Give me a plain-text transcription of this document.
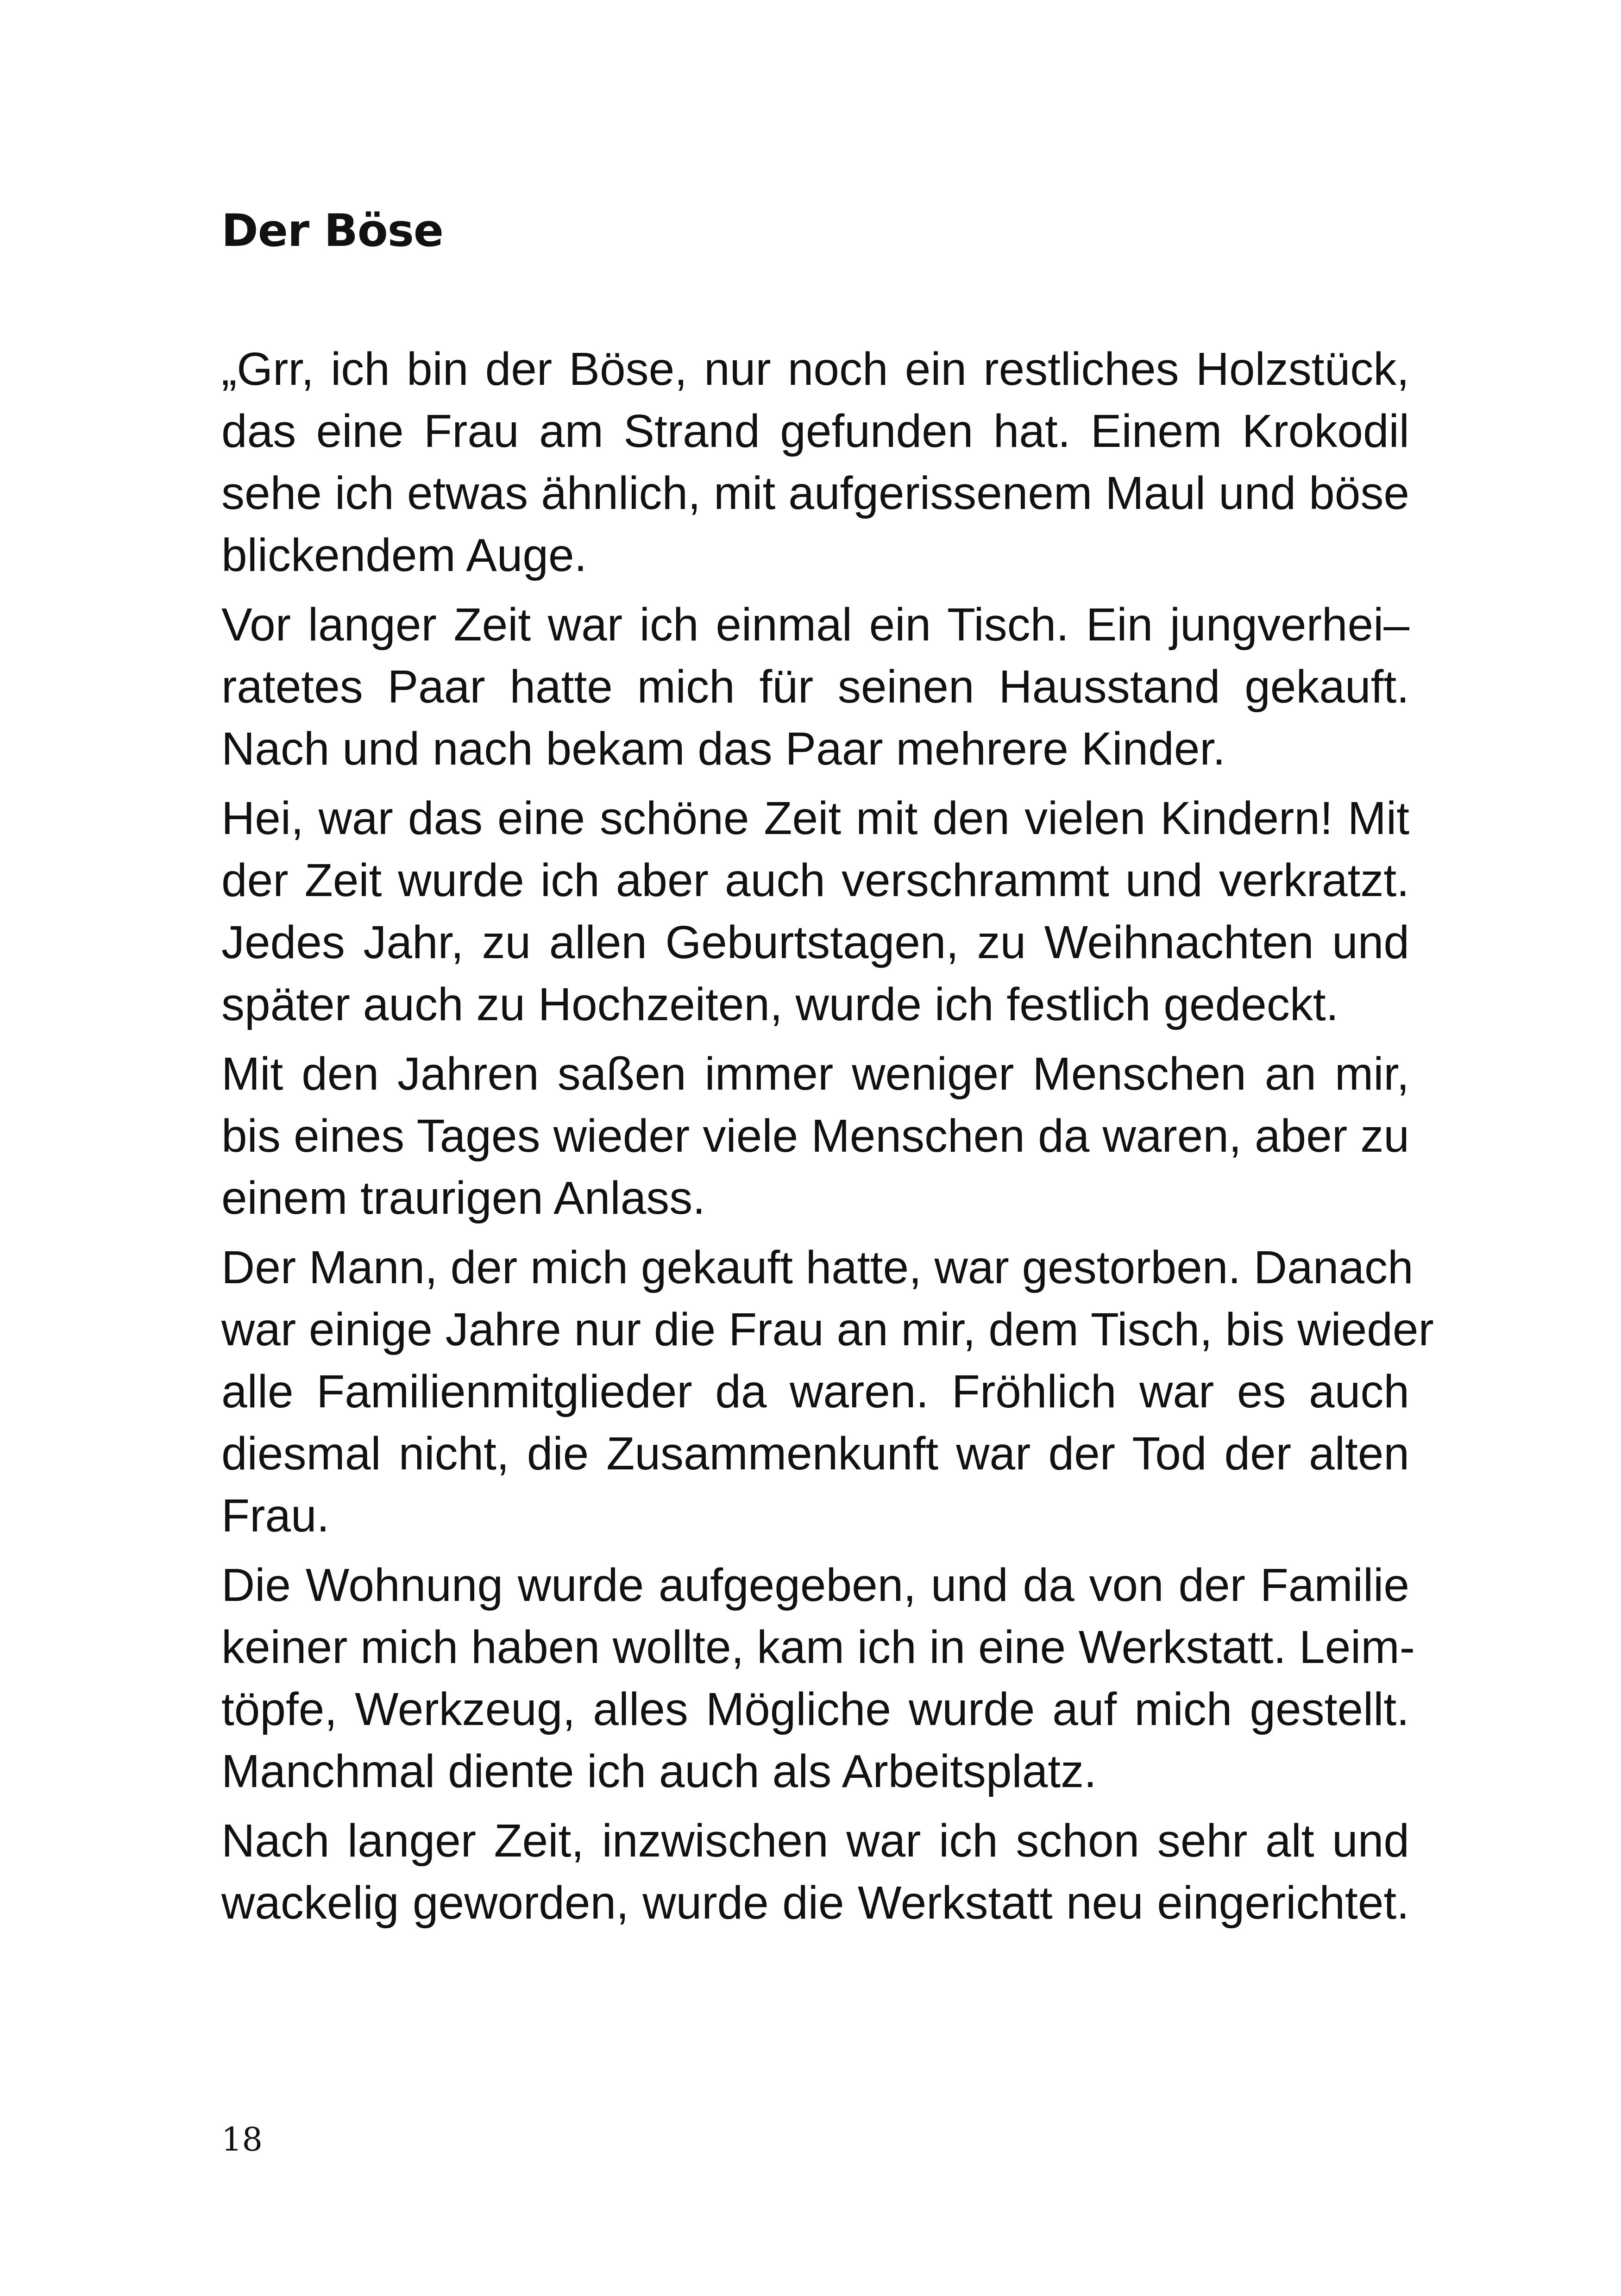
Der Böse

„Grr, ich bin der Böse, nur noch ein restliches Holzstück,
das eine Frau am Strand gefunden hat. Einem Krokodil
sehe ich etwas ähnlich, mit aufgerissenem Maul und böse
blickendem Auge.

Vor langer Zeit war ich einmal ein Tisch. Ein jungverhei–
ratetes Paar hatte mich für seinen Hausstand gekauft.
Nach und nach bekam das Paar mehrere Kinder.

Hei, war das eine schöne Zeit mit den vielen Kindern! Mit
der Zeit wurde ich aber auch verschrammt und verkratzt.
Jedes Jahr, zu allen Geburtstagen, zu Weihnachten und
später auch zu Hochzeiten, wurde ich festlich gedeckt.

Mit den Jahren saßen immer weniger Menschen an mir,
bis eines Tages wieder viele Menschen da waren, aber zu
einem traurigen Anlass.

Der Mann, der mich gekauft hatte, war gestorben. Danach
war einige Jahre nur die Frau an mir, dem Tisch, bis wieder
alle Familienmitglieder da waren. Fröhlich war es auch
diesmal nicht, die Zusammenkunft war der Tod der alten
Frau.

Die Wohnung wurde aufgegeben, und da von der Familie
keiner mich haben wollte, kam ich in eine Werkstatt. Leim-
töpfe, Werkzeug, alles Mögliche wurde auf mich gestellt.
Manchmal diente ich auch als Arbeitsplatz.

Nach langer Zeit, inzwischen war ich schon sehr alt und
wackelig geworden, wurde die Werkstatt neu eingerichtet.

18
